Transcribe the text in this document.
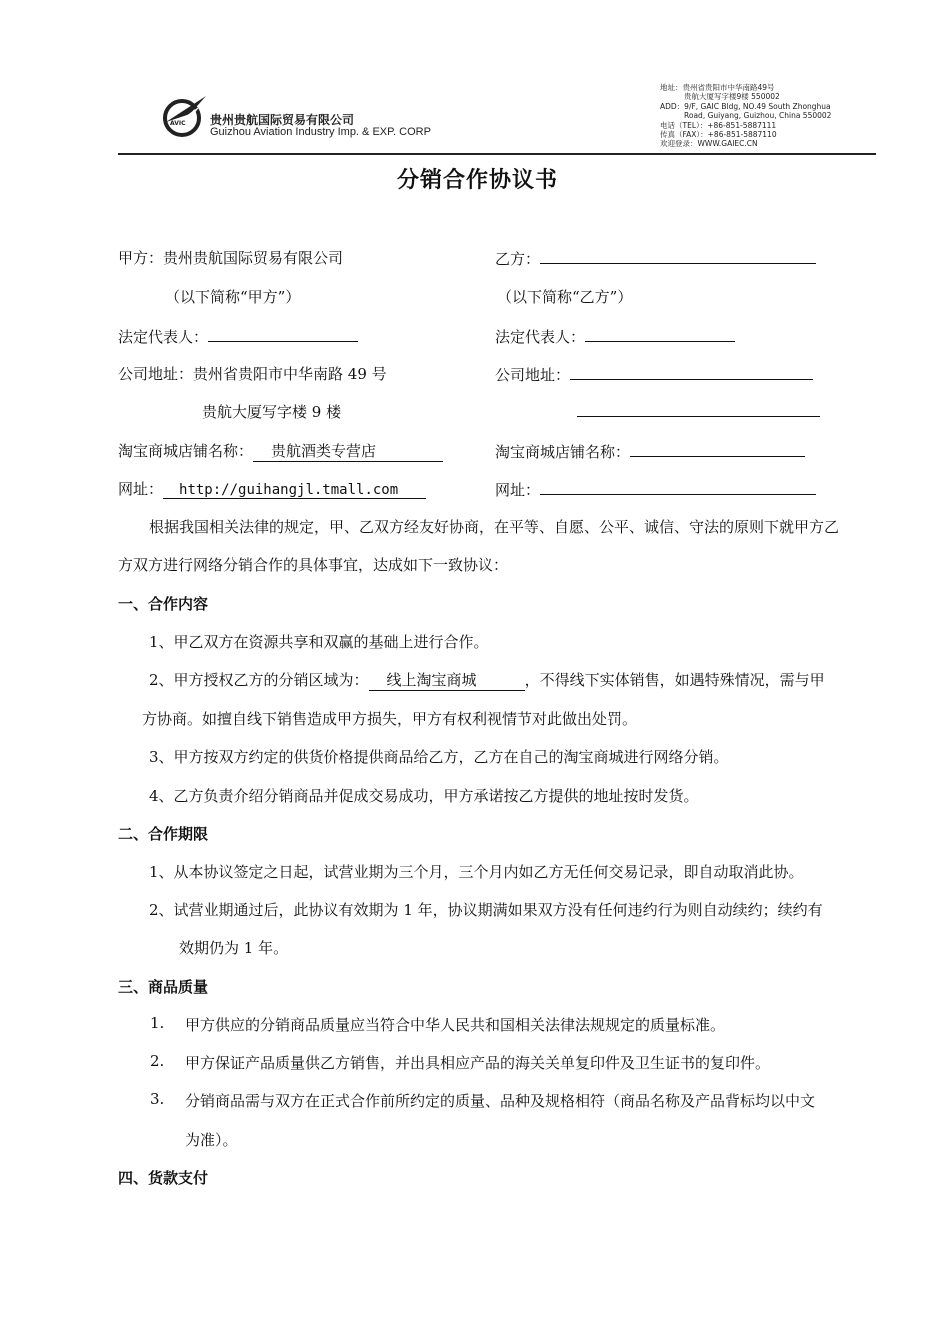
AVIC 贵州贵航国际贸易有限公司
Guizhou Aviation Industry Imp. & EXP. CORP
地址：贵州省贵阳市中华南路49号
贵航大厦写字楼9楼 550002
ADD：9/F, GAIC Bldg, NO.49 South Zhonghua
Road, Guiyang, Guizhou, China 550002
电话（TEL）：+86-851-5887111
传真（FAX）：+86-851-5887110
欢迎登录：WWW.GAIEC.CN
分销合作协议书
甲方：贵州贵航国际贸易有限公司	乙方：
（以下简称“甲方”）	（以下简称“乙方”）
法定代表人：	法定代表人：
公司地址：贵州省贵阳市中华南路 49 号	公司地址：
贵航大厦写字楼 9 楼
淘宝商城店铺名称： 贵航酒类专营店	淘宝商城店铺名称：
网址： http://guihangjl.tmall.com	网址：
根据我国相关法律的规定，甲、乙双方经友好协商，在平等、自愿、公平、诚信、守法的原则下就甲方乙
方双方进行网络分销合作的具体事宜，达成如下一致协议：
一、合作内容
1、甲乙双方在资源共享和双赢的基础上进行合作。
2、甲方授权乙方的分销区域为： 线上淘宝商城	，不得线下实体销售，如遇特殊情况，需与甲
方协商。如擅自线下销售造成甲方损失，甲方有权利视情节对此做出处罚。
3、甲方按双方约定的供货价格提供商品给乙方，乙方在自己的淘宝商城进行网络分销。
4、乙方负责介绍分销商品并促成交易成功，甲方承诺按乙方提供的地址按时发货。
二、合作期限
1、从本协议签定之日起，试营业期为三个月，三个月内如乙方无任何交易记录，即自动取消此协。
2、试营业期通过后，此协议有效期为 1 年，协议期满如果双方没有任何违约行为则自动续约；续约有
效期仍为 1 年。
三、商品质量
1. 甲方供应的分销商品质量应当符合中华人民共和国相关法律法规规定的质量标准。
2. 甲方保证产品质量供乙方销售，并出具相应产品的海关关单复印件及卫生证书的复印件。
3. 分销商品需与双方在正式合作前所约定的质量、品种及规格相符（商品名称及产品背标均以中文
为准）。
四、货款支付
